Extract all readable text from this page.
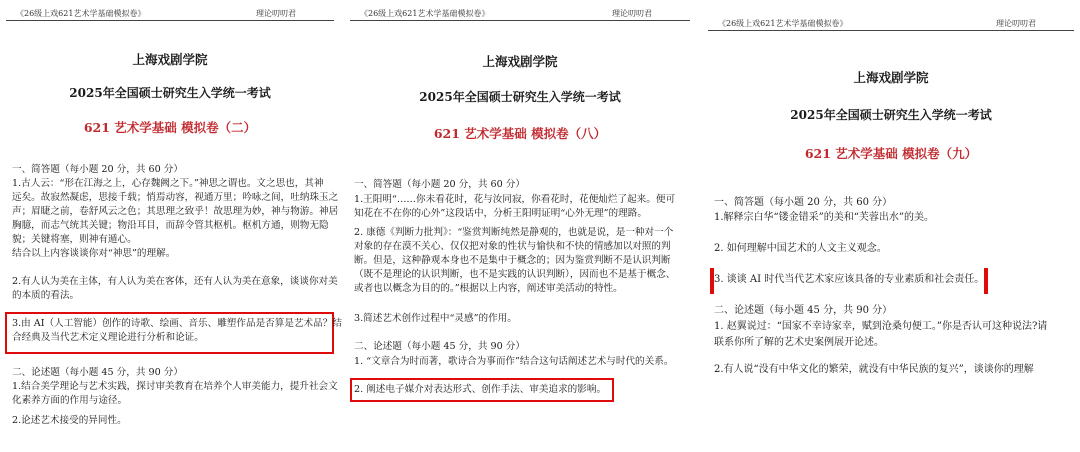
《26级上戏621艺术学基础模拟卷》	理论叨叨君
上海戏剧学院
2025年全国硕士研究生入学统一考试
621 艺术学基础 模拟卷（二）
一、简答题（每小题 20 分，共 60 分）
1.古人云：“形在江海之上，心存魏阙之下。”神思之谓也。文之思也，其神
远矣。故寂然凝虑，思接千载；悄焉动容，视通万里；吟咏之间，吐纳珠玉之
声；眉睫之前，卷舒风云之色；其思理之致乎！故思理为妙，神与物游。神居
胸臆，而志气统其关键；物沿耳目，而辞令管其枢机。枢机方通，则物无隐
貌；关键将塞，则神有遁心。
结合以上内容谈谈你对“神思”的理解。
2.有人认为美在主体，有人认为美在客体，还有人认为美在意象，谈谈你对美
的本质的看法。
3.由 AI（人工智能）创作的诗歌、绘画、音乐、雕塑作品是否算是艺术品？结
合经典及当代艺术定义理论进行分析和论证。
二、论述题（每小题 45 分，共 90 分）
1.结合美学理论与艺术实践，探讨审美教育在培养个人审美能力，提升社会文
化素养方面的作用与途径。
2.论述艺术接受的异同性。
《26级上戏621艺术学基础模拟卷》	理论叨叨君
上海戏剧学院
2025年全国硕士研究生入学统一考试
621 艺术学基础 模拟卷（八）
一、简答题（每小题 20 分，共 60 分）
1.王阳明“……你未看花时，花与汝同寂，你看花时，花便灿烂了起来。便可
知花在不在你的心外”这段话中，分析王阳明证明“心外无理”的理路。
2. 康德《判断力批判》：“鉴赏判断纯然是静观的，也就是说，是一种对一个
对象的存在漠不关心、仅仅把对象的性状与愉快和不快的情感加以对照的判
断。但是，这种静观本身也不是集中于概念的；因为鉴赏判断不是认识判断
（既不是理论的认识判断，也不是实践的认识判断），因而也不是基于概念、
或者也以概念为目的的。”根据以上内容，阐述审美活动的特性。
3.简述艺术创作过程中“灵感”的作用。
二、论述题（每小题 45 分，共 90 分）
1. “文章合为时而著，歌诗合为事而作”结合这句话阐述艺术与时代的关系。
2. 阐述电子媒介对表达形式、创作手法、审美追求的影响。
《26级上戏621艺术学基础模拟卷》	理论叨叨君
上海戏剧学院
2025年全国硕士研究生入学统一考试
621 艺术学基础 模拟卷（九）
一、简答题（每小题 20 分，共 60 分）
1.解释宗白华“镂金错采”的美和“芙蓉出水”的美。
2. 如何理解中国艺术的人文主义观念。
3. 谈谈 AI 时代当代艺术家应该具备的专业素质和社会责任。
二、论述题（每小题 45 分，共 90 分）
1. 赵翼说过：“国家不幸诗家幸，赋到沧桑句便工。”你是否认可这种说法?请
联系你所了解的艺术史案例展开论述。
2.有人说“没有中华文化的繁荣，就没有中华民族的复兴”，谈谈你的理解
